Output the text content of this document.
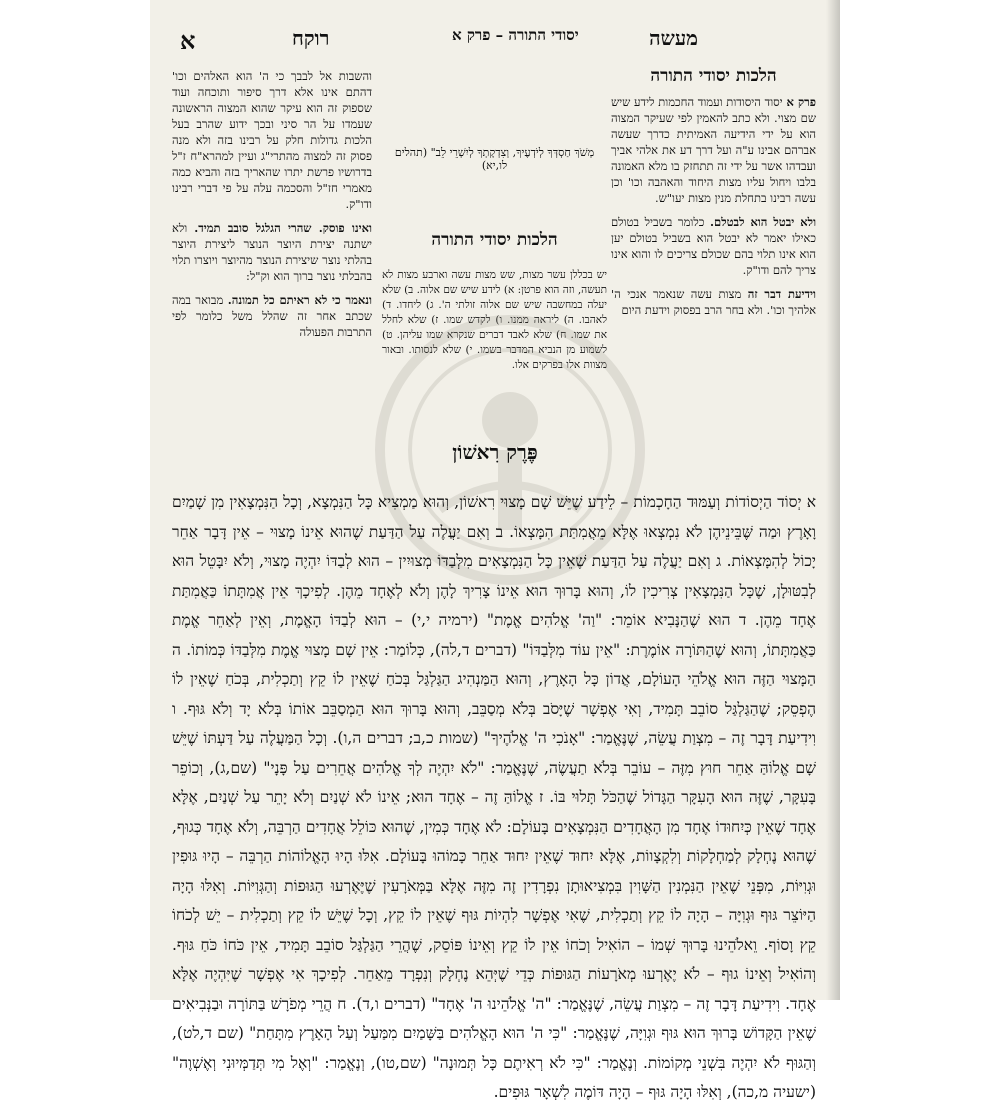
א	רוקח	יסודי התורה – פרק א	מעשה
הלכות יסודי התורה

פרק א יסוד היסודות ועמוד החכמות לידע שיש שם מצוי. ולא כתב להאמין לפי שעיקר המצוה הוא על ידי הידיעה האמיתית כדרך שעשה אברהם אבינו ע"ה ועל דרך דע את אלהי אביך ועבדהו אשר על ידי זה תתחזק בו מלא האמונה בלבו ויחול עליו מצות היחוד והאהבה וכו' וכן עשה רבינו בתחלת מנין מצות יעו"ש.

ולא יבטל הוא לבטלם. כלומר בשביל בטולם כאילו יאמר לא יבטל הוא בשביל בטולם יען הוא אינו תלוי בהם שכולם צריכים לו והוא אינו צריך להם ודו"ק.

וידיעת דבר זה מצות עשה שנאמר אנכי ה' אלהיך וכו'. ולא בחר הרב בפסוק וידעת היום

והשבות אל לבבך כי ה' הוא האלהים וכו' דהתם אינו אלא דרך סיפור ותוכחה ועוד שספוק זה הוא עיקר שהוא המצוה הראשונה שעמדו על הר סיני ובכך ידוע שהרב בעל הלכות גדולות חלק על רבינו בזה ולא מנה פסוק זה למצוה מהתרי"ג ועיין למהרא"ח ז"ל בדרושיו פרשת יתרו שהאריך בזה והביא כמה מאמרי חז"ל והסכמה עלה על פי דברי רבינו ודו"ק.

ואינו פוסק. שהרי הגלגל סובב תמיד. ולא ישתנה יצירת היוצר הנוצר ליצירת היוצר בהלתי נוצר שיצירת הנוצר מהיוצר ויוצרו תלוי בהבלתי נוצר ברוך הוא וק"ל:

ונאמר כי לא ראיתם כל תמונה. מבואר במה שכתב אחר זה שהלל משל כלומר לפי התרבות הפעולה

מְשֹׁךְ חַסְדְּךָ לְיֹדְעֶיךָ, וְצִדְקָתְךָ לְיִשְׁרֵי לֵב" (תהלים לו,יא)
הלכות יסודי התורה
יש בכללן עשר מצות, שש מצות עשה וארבע מצות לא תעשה, וזה הוא פרטן: א) לידע שיש שם אלוה. ב) שלא יעלה במחשבה שיש שם אלוה זולתי ה'. ג) ליחדו. ד) לאהבו. ה) ליראה ממנו. ו) לקדש שמו. ז) שלא לחלל את שמו. ח) שלא לאבד דברים שנקרא שמו עליהן. ט) לשמוע מן הנביא המדבר בשמו. י) שלא לנסותו. ובאור מצוות אלו בפרקים אלו.
פֶּרֶק רִאשׁוֹן

א יְסוֹד הַיְסוֹדוֹת וְעַמּוּד הַחָכְמוֹת – לֵידַע שֶׁיֵּשׁ שָׁם מָצוּי רִאשׁוֹן, וְהוּא מַמְצִיא כָּל הַנִּמְצָא, וְכָל הַנִּמְצָאִין מִן שָׁמַיִם וָאָרֶץ וּמַה שֶּׁבֵּינֵיהֶן לֹא נִמְצְאוּ אֶלָּא מֵאֲמִתַּת הִמָּצְאוֹ. ב וְאִם יַעֲלֶה עַל הַדַּעַת שֶׁהוּא אֵינוֹ מָצוּי – אֵין דָּבָר אַחֵר יָכוֹל לְהִמָּצְאוֹת. ג וְאִם יַעֲלֶה עַל הַדַּעַת שֶׁאֵין כָּל הַנִּמְצָאִים מִלְּבַדּוֹ מְצוּיִין – הוּא לְבַדּוֹ יִהְיֶה מָצוּי, וְלֹא יִבָּטֵל הוּא לְבִטּוּלָן, שֶׁכָּל הַנִּמְצָאִין צְרִיכִין לוֹ, וְהוּא בָּרוּךְ הוּא אֵינוֹ צָרִיךְ לָהֶן וְלֹא לְאֶחָד מֵהֶן. לְפִיכָךְ אֵין אֲמִתָּתוֹ כַּאֲמִתַּת אֶחָד מֵהֶן. ד הוּא שֶׁהַנָּבִיא אוֹמֵר: "וַה' אֱלֹהִים אֱמֶת" (ירמיה י,י) – הוּא לְבַדּוֹ הָאֱמֶת, וְאֵין לְאַחֵר אֱמֶת כַּאֲמִתָּתוֹ, וְהוּא שֶׁהַתּוֹרָה אוֹמֶרֶת: "אֵין עוֹד מִלְּבַדּוֹ" (דברים ד,לה), כְּלוֹמַר: אֵין שָׁם מָצוּי אֱמֶת מִלְּבַדּוֹ כְּמוֹתוֹ. ה הַמָּצוּי הַזֶּה הוּא אֱלֹהֵי הָעוֹלָם, אֲדוֹן כָּל הָאָרֶץ, וְהוּא הַמַּנְהִיג הַגַּלְגַּל בְּכֹחַ שֶׁאֵין לוֹ קֵץ וְתַכְלִית, בְּכֹחַ שֶׁאֵין לוֹ הֶפְסֵק; שֶׁהַגַּלְגַּל סוֹבֵב תָּמִיד, וְאִי אֶפְשָׁר שֶׁיָּסֹב בְּלֹא מְסַבֵּב, וְהוּא בָּרוּךְ הוּא הַמְסַבֵּב אוֹתוֹ בְּלֹא יָד וְלֹא גּוּף. ו וִידִיעַת דָּבָר זֶה – מִצְוַת עֲשֵׂה, שֶׁנֶּאֱמַר: "אָנֹכִי ה' אֱלֹהֶיךָ" (שמות כ,ב; דברים ה,ו). וְכָל הַמַּעֲלֶה עַל דַּעְתּוֹ שֶׁיֵּשׁ שָׁם אֱלוֹהַּ אַחֵר חוּץ מִזֶּה – עוֹבֵר בְּלֹא תַעֲשֶׂה, שֶׁנֶּאֱמַר: "לֹא יִהְיֶה לְךָ אֱלֹהִים אֲחֵרִים עַל פָּנָי" (שם,ג), וְכוֹפֵר בָּעִקָּר, שֶׁזֶּה הוּא הָעִקָּר הַגָּדוֹל שֶׁהַכֹּל תָּלוּי בּוֹ. ז אֱלוֹהַּ זֶה – אֶחָד הוּא; אֵינוֹ לֹא שְׁנַיִם וְלֹא יָתֵר עַל שְׁנַיִם, אֶלָּא אֶחָד שֶׁאֵין כְּיִחוּדוֹ אֶחָד מִן הָאֲחָדִים הַנִּמְצָאִים בָּעוֹלָם: לֹא אֶחָד כְּמִין, שֶׁהוּא כּוֹלֵל אֲחָדִים הַרְבֵּה, וְלֹא אֶחָד כְּגוּף, שֶׁהוּא נֶחְלָק לְמַחְלָקוֹת וְלִקְצָווֹת, אֶלָּא יִחוּד שֶׁאֵין יִחוּד אַחֵר כָּמוֹהוּ בָּעוֹלָם. אִלּוּ הָיוּ הָאֱלוֹהוֹת הַרְבֵּה – הָיוּ גּוּפִין וּגְוִיּוֹת, מִפְּנֵי שֶׁאֵין הַנִּמְנִין הַשָּׁוִין בִּמְצִיאוּתָן נִפְרָדִין זֶה מִזֶּה אֶלָּא בַּמְּאֹרָעִין שֶׁיֶּאֶרְעוּ הַגּוּפוֹת וְהַגְּוִיּוֹת. וְאִלּוּ הָיָה הַיּוֹצֵר גּוּף וּגְוִיָּה – הָיָה לוֹ קֵץ וְתַכְלִית, שֶׁאִי אֶפְשָׁר לִהְיוֹת גּוּף שֶׁאֵין לוֹ קֵץ, וְכָל שֶׁיֵּשׁ לוֹ קֵץ וְתַכְלִית – יֵשׁ לְכֹחוֹ קֵץ וָסוֹף. וֵאלֹהֵינוּ בָּרוּךְ שְׁמוֹ – הוֹאִיל וְכֹחוֹ אֵין לוֹ קֵץ וְאֵינוֹ פּוֹסֵק, שֶׁהֲרֵי הַגַּלְגַּל סוֹבֵב תָּמִיד, אֵין כֹּחוֹ כֹּחַ גּוּף. וְהוֹאִיל וְאֵינוֹ גוּף – לֹא יֶאֶרְעוּ מְאֹרָעוֹת הַגּוּפוֹת כְּדֵי שֶׁיְּהֵא נֶחְלָק וְנִפְרָד מֵאַחֵר. לְפִיכָךְ אִי אֶפְשָׁר שֶׁיִּהְיֶה אֶלָּא אֶחָד. וִידִיעַת דָּבָר זֶה – מִצְוַת עֲשֵׂה, שֶׁנֶּאֱמַר: "ה' אֱלֹהֵינוּ ה' אֶחָד" (דברים ו,ד). ח הֲרֵי מְפֹרָשׁ בַּתּוֹרָה וּבַנְּבִיאִים שֶׁאֵין הַקָּדוֹשׁ בָּרוּךְ הוּא גּוּף וּגְוִיָּה, שֶׁנֶּאֱמַר: "כִּי ה' הוּא הָאֱלֹהִים בַּשָּׁמַיִם מִמַּעַל וְעַל הָאָרֶץ מִתָּחַת" (שם ד,לט), וְהַגּוּף לֹא יִהְיֶה בִּשְׁנֵי מְקוֹמוֹת. וְנֶאֱמַר: "כִּי לֹא רְאִיתֶם כָּל תְּמוּנָה" (שם,טו), וְנֶאֱמַר: "וְאֶל מִי תְּדַמְּיוּנִי וְאֶשְׁוֶה" (ישעיה מ,כה), וְאִלּוּ הָיָה גּוּף – הָיָה דּוֹמֶה לִשְׁאָר גּוּפִים.
